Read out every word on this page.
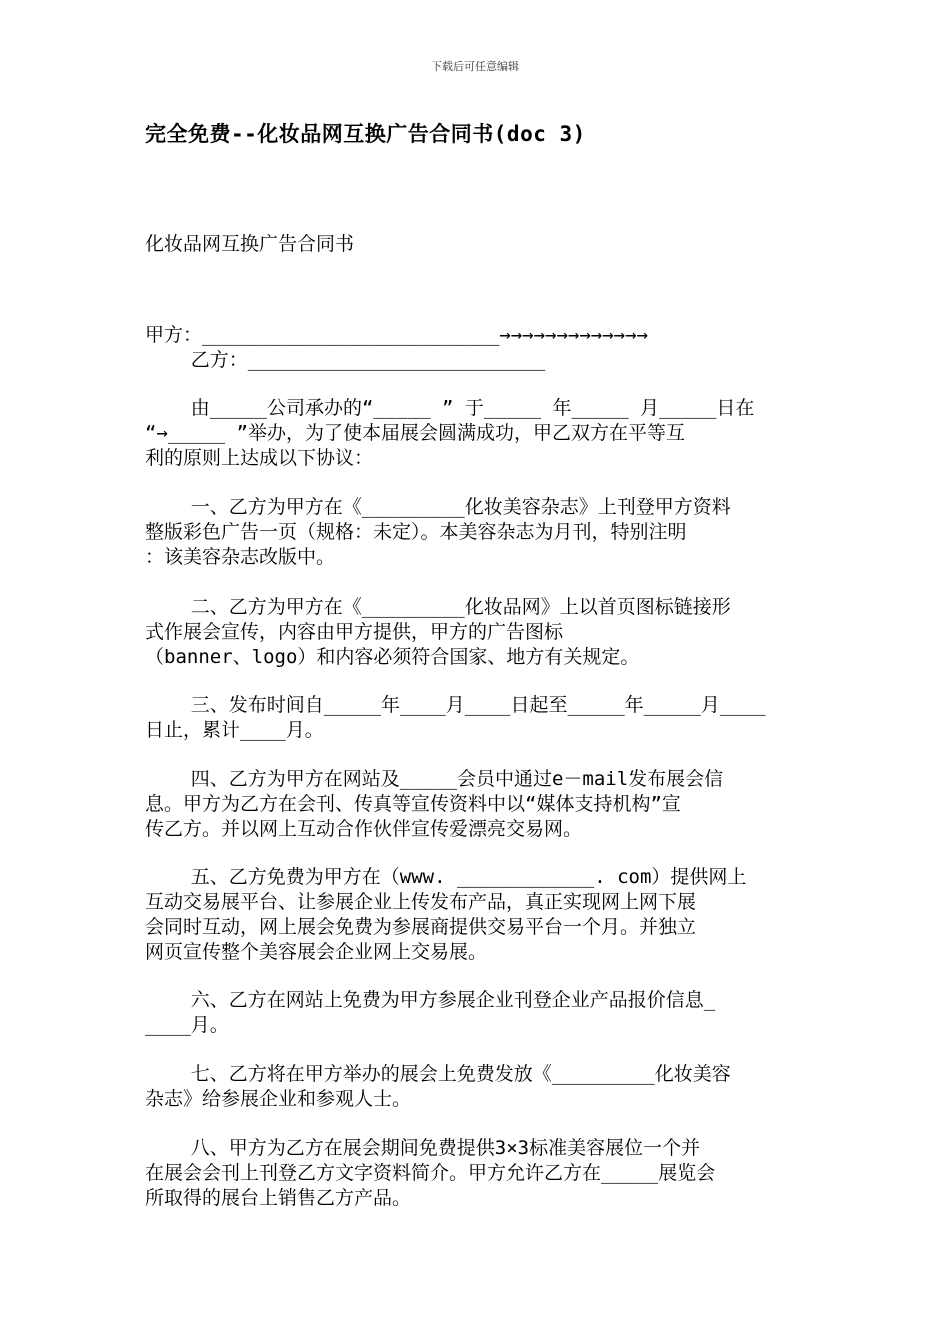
下载后可任意编辑
完全免费--化妆品网互换广告合同书(doc 3)
化妆品网互换广告合同书
甲方：__________________________→→→→→→→→→→→→→
乙方：__________________________
由_____公司承办的“_____ ” 于_____ 年_____ 月_____日在
“→_____ ”举办，为了使本届展会圆满成功，甲乙双方在平等互
利的原则上达成以下协议：
一、乙方为甲方在《_________化妆美容杂志》上刊登甲方资料
整版彩色广告一页（规格：未定）。本美容杂志为月刊，特别注明
：该美容杂志改版中。
二、乙方为甲方在《_________化妆品网》上以首页图标链接形
式作展会宣传，内容由甲方提供，甲方的广告图标
（banner、logo）和内容必须符合国家、地方有关规定。
三、发布时间自_____年____月____日起至_____年_____月____
日止，累计____月。
四、乙方为甲方在网站及_____会员中通过e－mail发布展会信
息。甲方为乙方在会刊、传真等宣传资料中以“媒体支持机构”宣
传乙方。并以网上互动合作伙伴宣传爱漂亮交易网。
五、乙方免费为甲方在（www. ____________. com）提供网上
互动交易展平台、让参展企业上传发布产品，真正实现网上网下展
会同时互动，网上展会免费为参展商提供交易平台一个月。并独立
网页宣传整个美容展会企业网上交易展。
六、乙方在网站上免费为甲方参展企业刊登企业产品报价信息_
____月。
七、乙方将在甲方举办的展会上免费发放《_________化妆美容
杂志》给参展企业和参观人士。
八、甲方为乙方在展会期间免费提供3×3标准美容展位一个并
在展会会刊上刊登乙方文字资料简介。甲方允许乙方在_____展览会
所取得的展台上销售乙方产品。
